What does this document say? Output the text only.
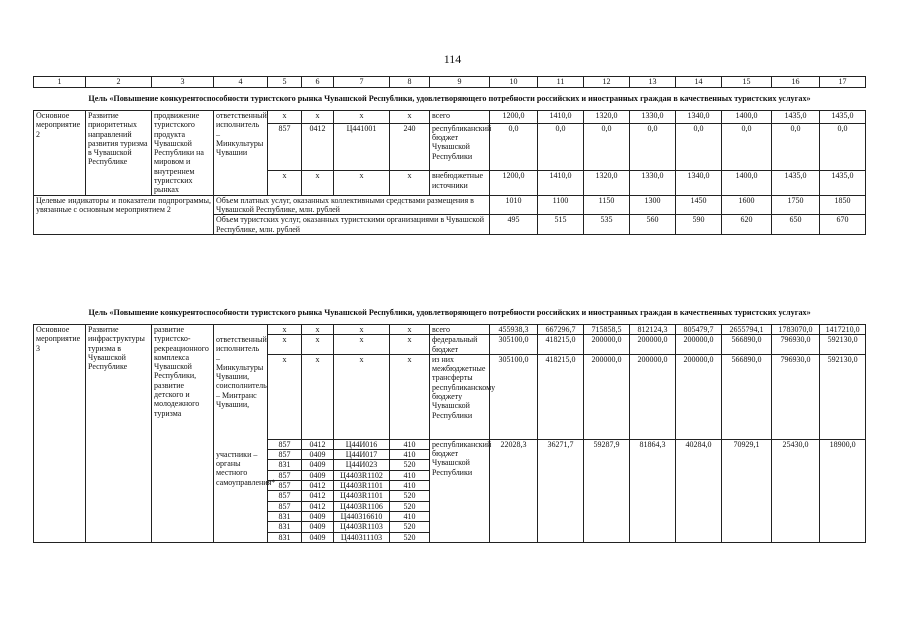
114
1	2	3	4	5	6	7	8	9	10	11	12	13	14	15	16	17
Цель «Повышение конкурентоспособности туристского рынка Чувашской Республики, удовлетворяющего потребности российских и иностранных граждан в качественных туристских услугах»																
Основное мероприятие 2	Развитие приоритетных направлений развития туризма в Чувашской Республике	продвижение туристского продукта Чувашской Республики на мировом и внутреннем туристских рынках	ответственный исполнитель – Минкультуры Чувашии	x	x	x	x	всего	1200,0	1410,0	1320,0	1330,0	1340,0	1400,0	1435,0	1435,0
				857	0412	Ц441001	240	республиканский бюджет Чувашской Республики	0,0	0,0	0,0	0,0	0,0	0,0	0,0	0,0
				x	x	x	x	внебюджетные источники	1200,0	1410,0	1320,0	1330,0	1340,0	1400,0	1435,0	1435,0
Целевые индикаторы и показатели подпрограммы, увязанные с основным мероприятием 2			Объем платных услуг, оказанных коллективными средствами размещения в Чувашской Республике, млн. рублей						1010	1100	1150	1300	1450	1600	1750	1850
			Объем туристских услуг, оказанных туристскими организациями в Чувашской Республике, млн. рублей						495	515	535	560	590	620	650	670
Цель «Повышение конкурентоспособности туристского рынка Чувашской Республики, удовлетворяющего потребности российских и иностранных граждан в качественных туристских услугах»																
Основное мероприятие 3	Развитие инфраструктуры туризма в Чувашской Республике	развитие туристско-рекреационного комплекса Чувашской Республики, развитие детского и молодежного туризма	ответственный исполнитель – Минкультуры Чувашии, соисполнитель – Минтранс Чувашии,	x	x	x	x	всего	455938,3	667296,7	715858,5	812124,3	805479,7	2655794,1	1783070,0	1417210,0
				x	x	x	x	федеральный бюджет	305100,0	418215,0	200000,0	200000,0	200000,0	566890,0	796930,0	592130,0
				x	x	x	x	из них межбюджетные трансферты республиканскому бюджету Чувашской Республики	305100,0	418215,0	200000,0	200000,0	200000,0	566890,0	796930,0	592130,0
				857	0412	Ц44И016	410	республиканский бюджет Чувашской Республики	22028,3	36271,7	59287,9	81864,3	40284,0	70929,1	25430,0	18900,0
			участники – органы местного самоуправления*	857	0409	Ц44И017	410									
				831	0409	Ц44И023	520									
				857	0409	Ц4403R1102	410									
				857	0412	Ц4403R1101	410									
				857	0412	Ц4403R1101	520									
				857	0412	Ц4403R1106	520									
				831	0409	Ц440316610	410									
				831	0409	Ц4403R1103	520									
				831	0409	Ц440311103	520									
